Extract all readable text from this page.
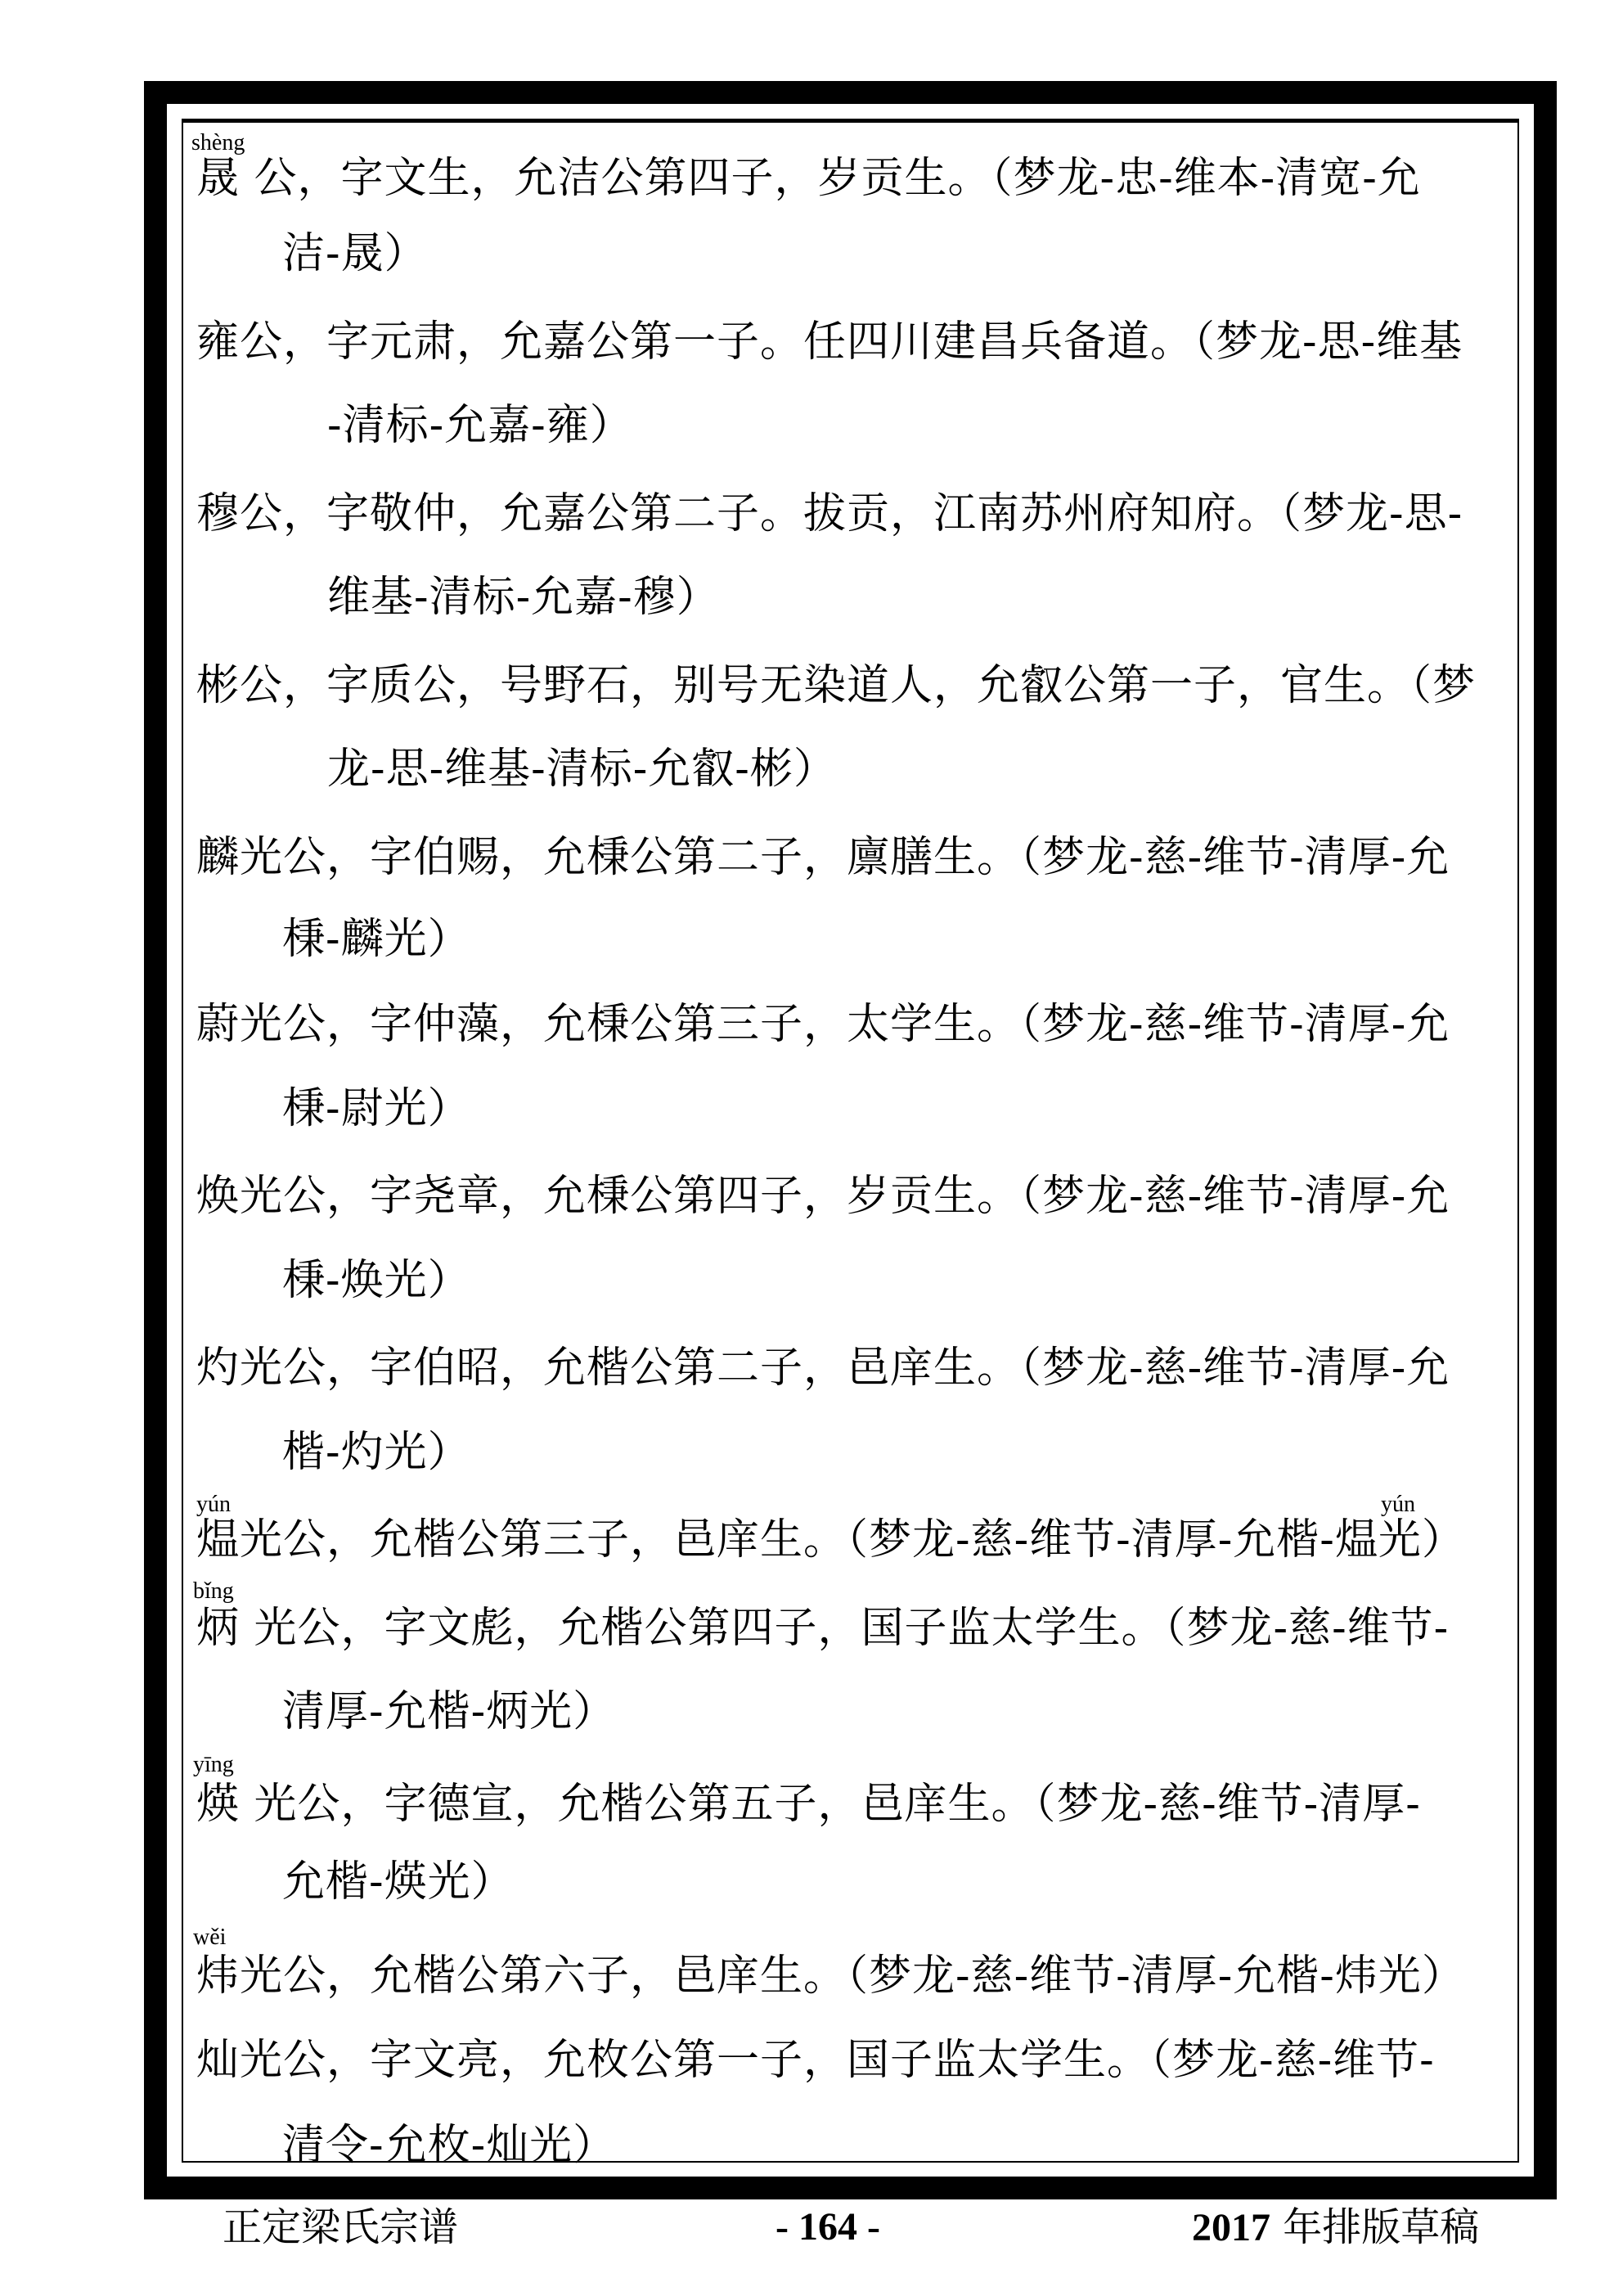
shèng
晟 公，字文生，允洁公第四子，岁贡生。（梦龙-忠-维本-清宽-允
洁-晟）
雍公，字元肃，允嘉公第一子。任四川建昌兵备道。（梦龙-思-维基
-清标-允嘉-雍）
穆公，字敬仲，允嘉公第二子。拔贡，江南苏州府知府。（梦龙-思-
维基-清标-允嘉-穆）
彬公，字质公，号野石，别号无染道人，允叡公第一子，官生。（梦
龙-思-维基-清标-允叡-彬）
麟光公，字伯赐，允棅公第二子，廪膳生。（梦龙-慈-维节-清厚-允
棅-麟光）
蔚光公，字仲藻，允棅公第三子，太学生。（梦龙-慈-维节-清厚-允
棅-尉光）
焕光公，字尧章，允棅公第四子，岁贡生。（梦龙-慈-维节-清厚-允
棅-焕光）
灼光公，字伯昭，允楷公第二子，邑庠生。（梦龙-慈-维节-清厚-允
楷-灼光）
yún	yún
煴光公，允楷公第三子，邑庠生。（梦龙-慈-维节-清厚-允楷-煴光）
bǐng
炳 光公，字文彪，允楷公第四子，国子监太学生。（梦龙-慈-维节-
清厚-允楷-炳光）
yīng
煐 光公，字德宣，允楷公第五子，邑庠生。（梦龙-慈-维节-清厚-
允楷-煐光）
wěi
炜光公，允楷公第六子，邑庠生。（梦龙-慈-维节-清厚-允楷-炜光）
灿光公，字文亮，允枚公第一子，国子监太学生。（梦龙-慈-维节-
清令-允枚-灿光）
正定梁氏宗谱	- 164 -	2017 年排版草稿
